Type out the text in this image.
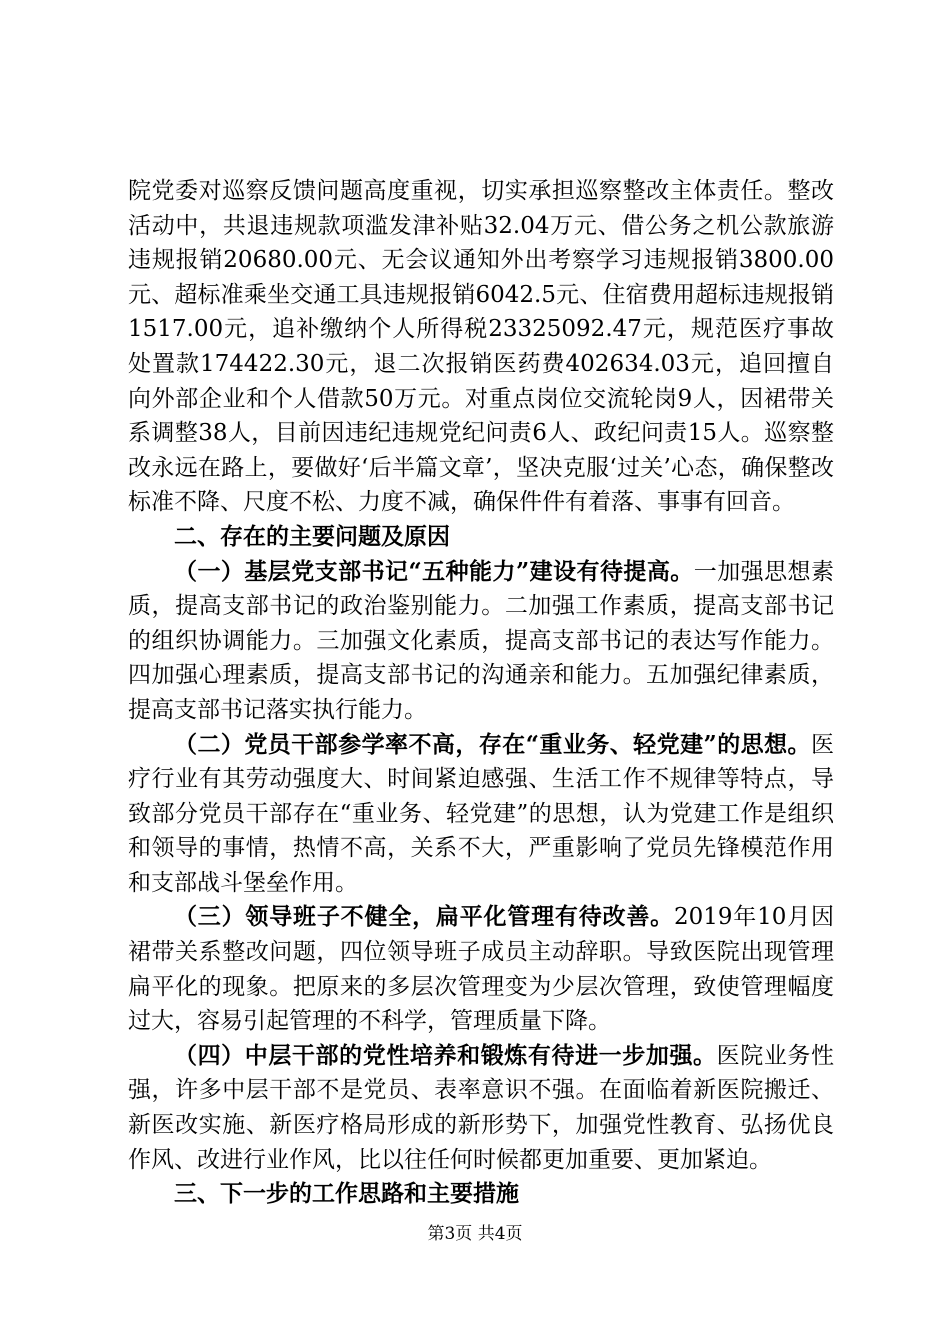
院党委对巡察反馈问题高度重视，切实承担巡察整改主体责任。整改活动中，共退违规款项滥发津补贴32.04万元、借公务之机公款旅游违规报销20680.00元、无会议通知外出考察学习违规报销3800.00元、超标准乘坐交通工具违规报销6042.5元、住宿费用超标违规报销1517.00元，追补缴纳个人所得税23325092.47元，规范医疗事故处置款174422.30元，退二次报销医药费402634.03元，追回擅自向外部企业和个人借款50万元。对重点岗位交流轮岗9人，因裙带关系调整38人，目前因违纪违规党纪问责6人、政纪问责15人。巡察整改永远在路上，要做好‘后半篇文章’，坚决克服‘过关’心态，确保整改标准不降、尺度不松、力度不减，确保件件有着落、事事有回音。

二、存在的主要问题及原因

（一）基层党支部书记“五种能力”建设有待提高。一加强思想素质，提高支部书记的政治鉴别能力。二加强工作素质，提高支部书记的组织协调能力。三加强文化素质，提高支部书记的表达写作能力。四加强心理素质，提高支部书记的沟通亲和能力。五加强纪律素质，提高支部书记落实执行能力。

（二）党员干部参学率不高，存在“重业务、轻党建”的思想。医疗行业有其劳动强度大、时间紧迫感强、生活工作不规律等特点，导致部分党员干部存在“重业务、轻党建”的思想，认为党建工作是组织和领导的事情，热情不高，关系不大，严重影响了党员先锋模范作用和支部战斗堡垒作用。

（三）领导班子不健全，扁平化管理有待改善。2019年10月因裙带关系整改问题，四位领导班子成员主动辞职。导致医院出现管理扁平化的现象。把原来的多层次管理变为少层次管理，致使管理幅度过大，容易引起管理的不科学，管理质量下降。

（四）中层干部的党性培养和锻炼有待进一步加强。医院业务性强，许多中层干部不是党员、表率意识不强。在面临着新医院搬迁、新医改实施、新医疗格局形成的新形势下，加强党性教育、弘扬优良作风、改进行业作风，比以往任何时候都更加重要、更加紧迫。

三、下一步的工作思路和主要措施

第3页 共4页
